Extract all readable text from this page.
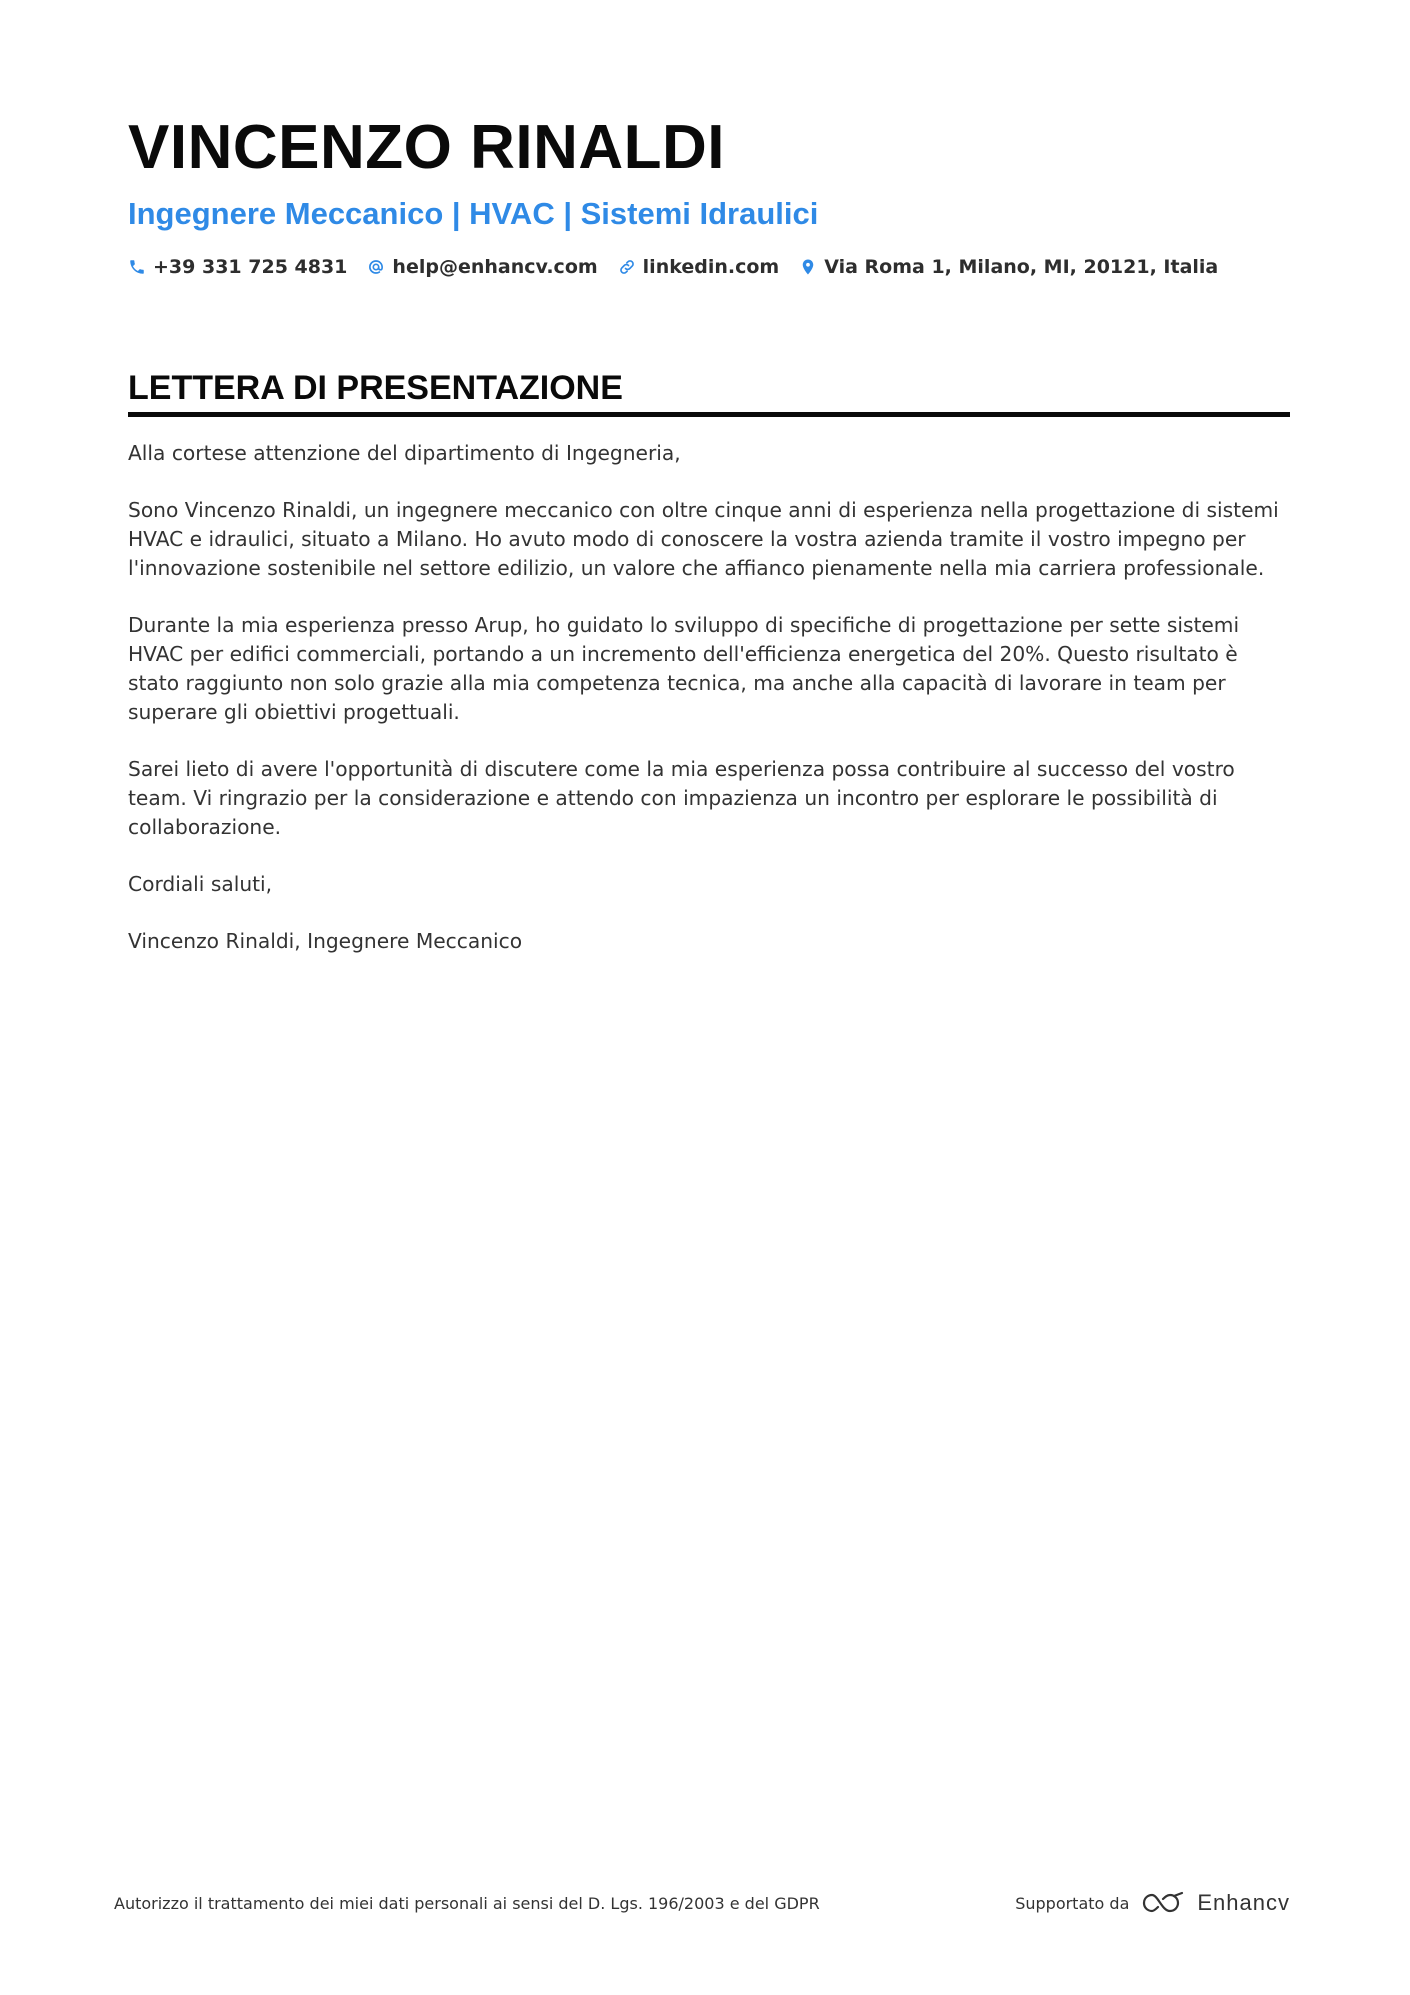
VINCENZO RINALDI
Ingegnere Meccanico | HVAC | Sistemi Idraulici
+39 331 725 4831 help@enhancv.com linkedin.com Via Roma 1, Milano, MI, 20121, Italia
LETTERA DI PRESENTAZIONE

Alla cortese attenzione del dipartimento di Ingegneria,

Sono Vincenzo Rinaldi, un ingegnere meccanico con oltre cinque anni di esperienza nella progettazione di sistemi HVAC e idraulici, situato a Milano. Ho avuto modo di conoscere la vostra azienda tramite il vostro impegno per l'innovazione sostenibile nel settore edilizio, un valore che affianco pienamente nella mia carriera professionale.

Durante la mia esperienza presso Arup, ho guidato lo sviluppo di specifiche di progettazione per sette sistemi HVAC per edifici commerciali, portando a un incremento dell'efficienza energetica del 20%. Questo risultato è stato raggiunto non solo grazie alla mia competenza tecnica, ma anche alla capacità di lavorare in team per superare gli obiettivi progettuali.

Sarei lieto di avere l'opportunità di discutere come la mia esperienza possa contribuire al successo del vostro team. Vi ringrazio per la considerazione e attendo con impazienza un incontro per esplorare le possibilità di collaborazione.

Cordiali saluti,

Vincenzo Rinaldi, Ingegnere Meccanico

Autorizzo il trattamento dei miei dati personali ai sensi del D. Lgs. 196/2003 e del GDPR	Supportato da	Enhancv
